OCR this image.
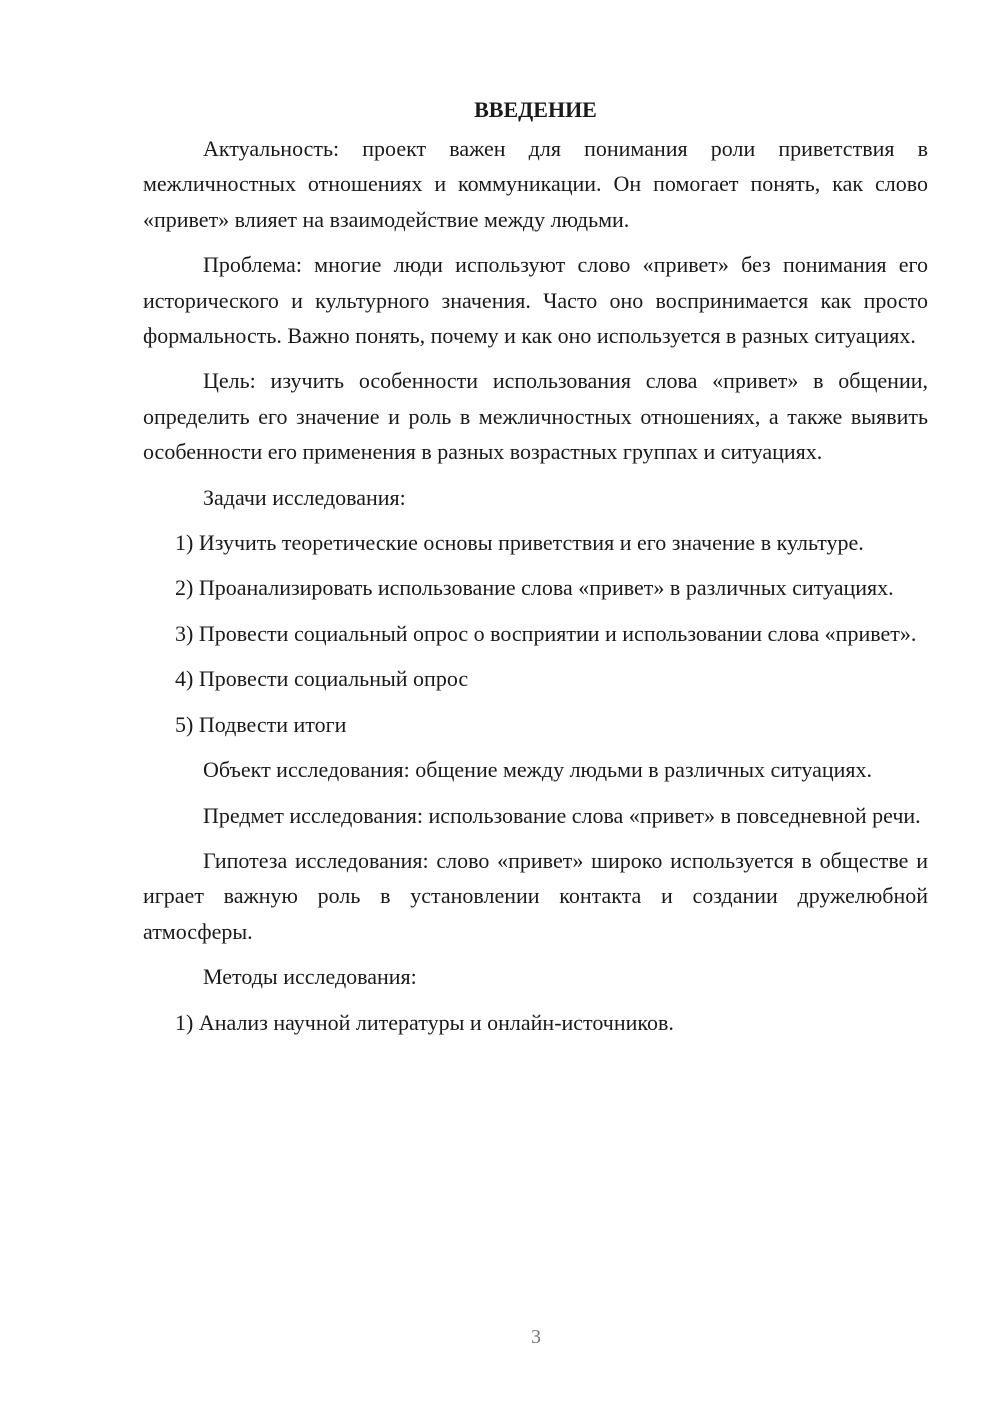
ВВЕДЕНИЕ

Актуальность: проект важен для понимания роли приветствия в межличностных отношениях и коммуникации. Он помогает понять, как слово «привет» влияет на взаимодействие между людьми.

Проблема: многие люди используют слово «привет» без понимания его исторического и культурного значения. Часто оно воспринимается как просто формальность. Важно понять, почему и как оно используется в разных ситуациях.

Цель: изучить особенности использования слова «привет» в общении, определить его значение и роль в межличностных отношениях, а также выявить особенности его применения в разных возрастных группах и ситуациях.

Задачи исследования:

1) Изучить теоретические основы приветствия и его значение в культуре.

2) Проанализировать использование слова «привет» в различных ситуациях.

3) Провести социальный опрос о восприятии и использовании слова «привет».

4) Провести социальный опрос

5) Подвести итоги

Объект исследования: общение между людьми в различных ситуациях.

Предмет исследования: использование слова «привет» в повседневной речи.

Гипотеза исследования: слово «привет» широко используется в обществе и играет важную роль в установлении контакта и создании дружелюбной атмосферы.

Методы исследования:

1) Анализ научной литературы и онлайн-источников.

3
